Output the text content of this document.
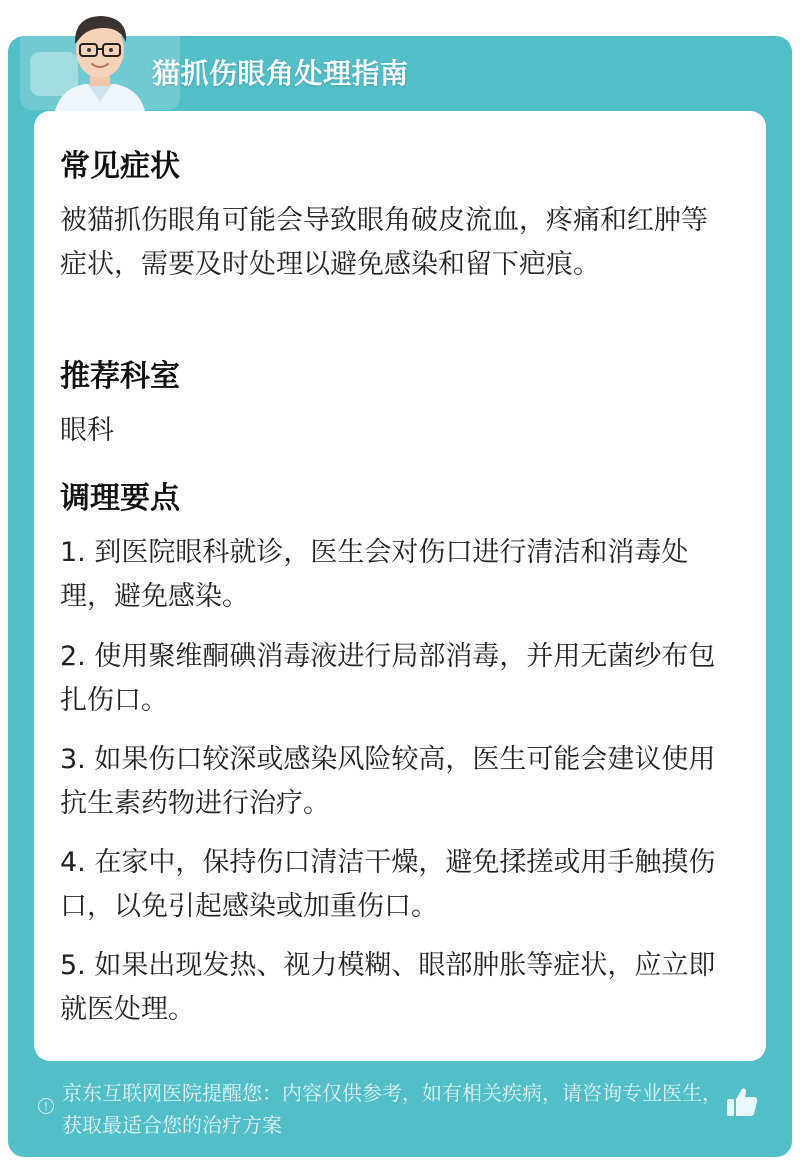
猫抓伤眼角处理指南
常见症状
被猫抓伤眼角可能会导致眼角破皮流血，疼痛和红肿等症状，需要及时处理以避免感染和留下疤痕。
推荐科室
眼科
调理要点
1. 到医院眼科就诊，医生会对伤口进行清洁和消毒处理，避免感染。
2. 使用聚维酮碘消毒液进行局部消毒，并用无菌纱布包扎伤口。
3. 如果伤口较深或感染风险较高，医生可能会建议使用抗生素药物进行治疗。
4. 在家中，保持伤口清洁干燥，避免揉搓或用手触摸伤口，以免引起感染或加重伤口。
5. 如果出现发热、视力模糊、眼部肿胀等症状，应立即就医处理。
!
京东互联网医院提醒您：内容仅供参考，如有相关疾病，请咨询专业医生，获取最适合您的治疗方案
